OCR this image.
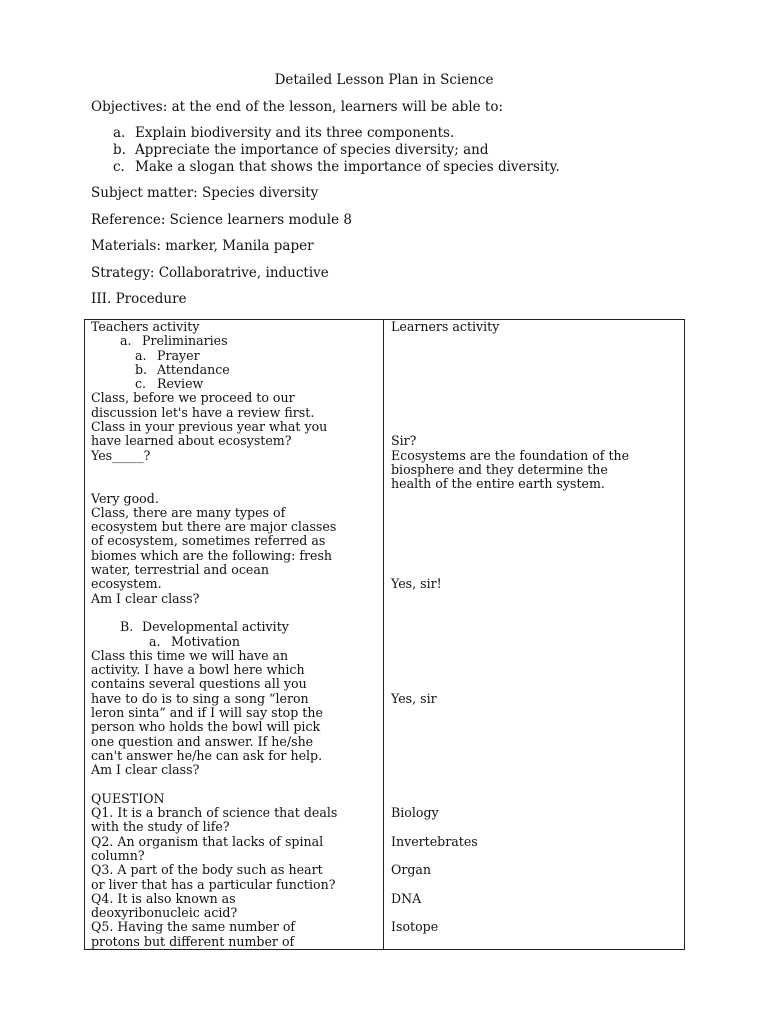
Detailed Lesson Plan in Science
Objectives: at the end of the lesson, learners will be able to:
a. Explain biodiversity and its three components.
b. Appreciate the importance of species diversity; and
c. Make a slogan that shows the importance of species diversity.
Subject matter: Species diversity
Reference: Science learners module 8
Materials: marker, Manila paper
Strategy: Collaboratrive, inductive
III. Procedure
Teachers activity
a. Preliminaries
a. Prayer
b. Attendance
c. Review
Class, before we proceed to our
discussion let's have a review first.
Class in your previous year what you
have learned about ecosystem?
Yes_____?
Very good.
Class, there are many types of
ecosystem but there are major classes
of ecosystem, sometimes referred as
biomes which are the following: fresh
water, terrestrial and ocean
ecosystem.
Am I clear class?
B. Developmental activity
a. Motivation
Class this time we will have an
activity. I have a bowl here which
contains several questions all you
have to do is to sing a song “leron
leron sinta” and if I will say stop the
person who holds the bowl will pick
one question and answer. If he/she
can't answer he/he can ask for help.
Am I clear class?
QUESTION
Q1. It is a branch of science that deals
with the study of life?
Q2. An organism that lacks of spinal
column?
Q3. A part of the body such as heart
or liver that has a particular function?
Q4. It is also known as
deoxyribonucleic acid?
Q5. Having the same number of
protons but different number of
Learners activity
Sir?
Ecosystems are the foundation of the
biosphere and they determine the
health of the entire earth system.
Yes, sir!
Yes, sir
Biology
Invertebrates
Organ
DNA
Isotope
